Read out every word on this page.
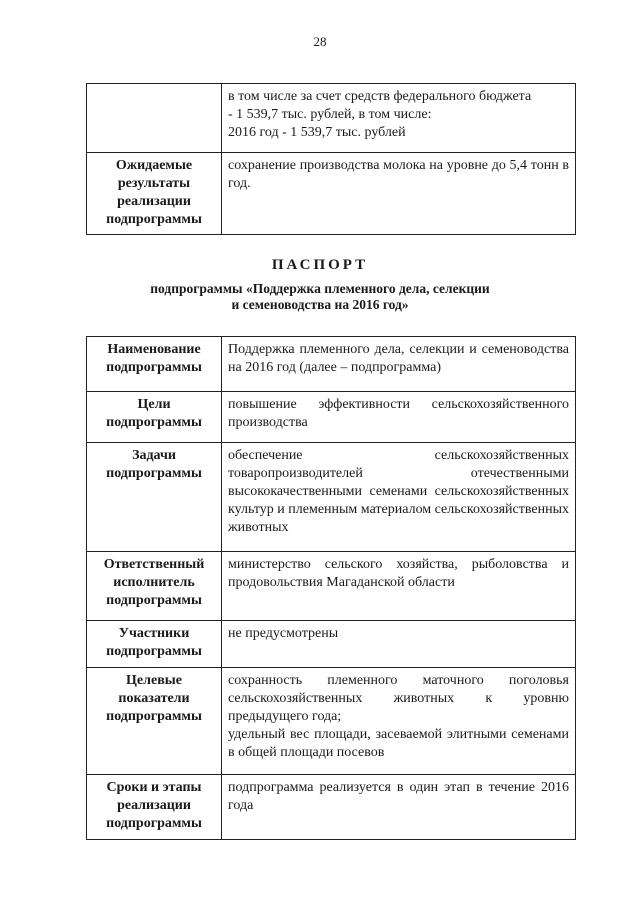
28

	в том числе за счет средств федерального бюджета
- 1 539,7 тыс. рублей, в том числе:
2016 год - 1 539,7 тыс. рублей

Ожидаемые результаты реализации подпрограммы	сохранение производства молока на уровне до 5,4 тонн в год.
ПАСПОРТ
подпрограммы «Поддержка племенного дела, селекции
и семеноводства на 2016 год»
Наименование подпрограммы	Поддержка племенного дела, селекции и семеноводства на 2016 год (далее – подпрограмма)

Цели подпрограммы	повышение эффективности сельскохозяйственного производства

Задачи подпрограммы	обеспечение сельскохозяйственных товаропроизводителей отечественными высококачественными семенами сельскохозяйственных культур и племенным материалом сельскохозяйственных животных

Ответственный исполнитель подпрограммы	министерство сельского хозяйства, рыболовства и продовольствия Магаданской области

Участники подпрограммы	не предусмотрены

Целевые показатели подпрограммы	сохранность племенного маточного поголовья сельскохозяйственных животных к уровню предыдущего года;
удельный вес площади, засеваемой элитными семенами в общей площади посевов

Сроки и этапы реализации подпрограммы	подпрограмма реализуется в один этап в течение 2016 года
